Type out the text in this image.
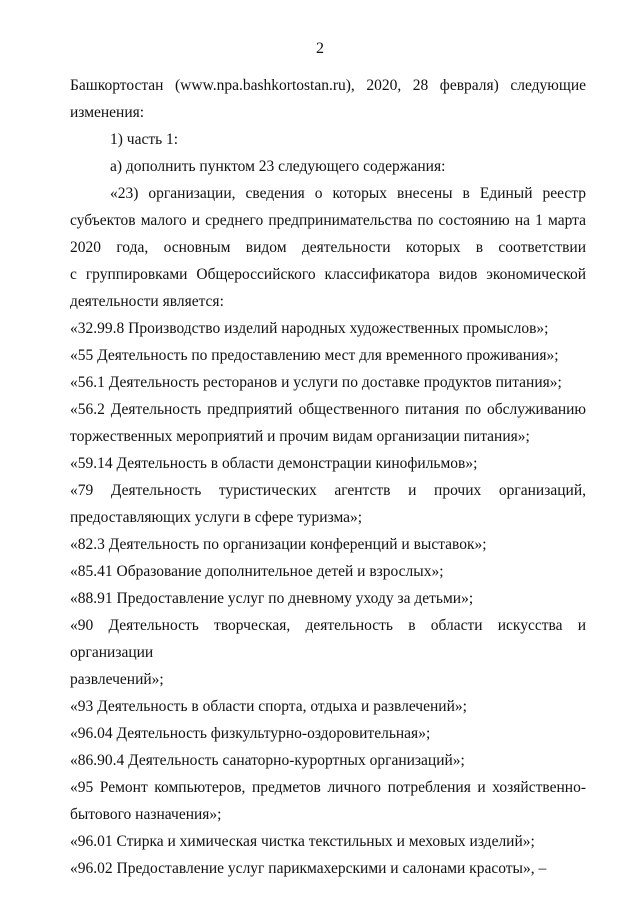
2
Башкортостан (www.npa.bashkortostan.ru), 2020, 28 февраля) следующие
изменения:
1) часть 1:
а) дополнить пунктом 23 следующего содержания:
«23) организации, сведения о которых внесены в Единый реестр
субъектов малого и среднего предпринимательства по состоянию на 1 марта
2020 года, основным видом деятельности которых в соответствии
с группировками Общероссийского классификатора видов экономической
деятельности является:
«32.99.8 Производство изделий народных художественных промыслов»;
«55 Деятельность по предоставлению мест для временного проживания»;
«56.1 Деятельность ресторанов и услуги по доставке продуктов питания»;
«56.2 Деятельность предприятий общественного питания по обслуживанию
торжественных мероприятий и прочим видам организации питания»;
«59.14 Деятельность в области демонстрации кинофильмов»;
«79 Деятельность туристических агентств и прочих организаций,
предоставляющих услуги в сфере туризма»;
«82.3 Деятельность по организации конференций и выставок»;
«85.41 Образование дополнительное детей и взрослых»;
«88.91 Предоставление услуг по дневному уходу за детьми»;
«90 Деятельность творческая, деятельность в области искусства и организации
развлечений»;
«93 Деятельность в области спорта, отдыха и развлечений»;
«96.04 Деятельность физкультурно-оздоровительная»;
«86.90.4 Деятельность санаторно-курортных организаций»;
«95 Ремонт компьютеров, предметов личного потребления и хозяйственно-
бытового назначения»;
«96.01 Стирка и химическая чистка текстильных и меховых изделий»;
«96.02 Предоставление услуг парикмахерскими и салонами красоты», –
